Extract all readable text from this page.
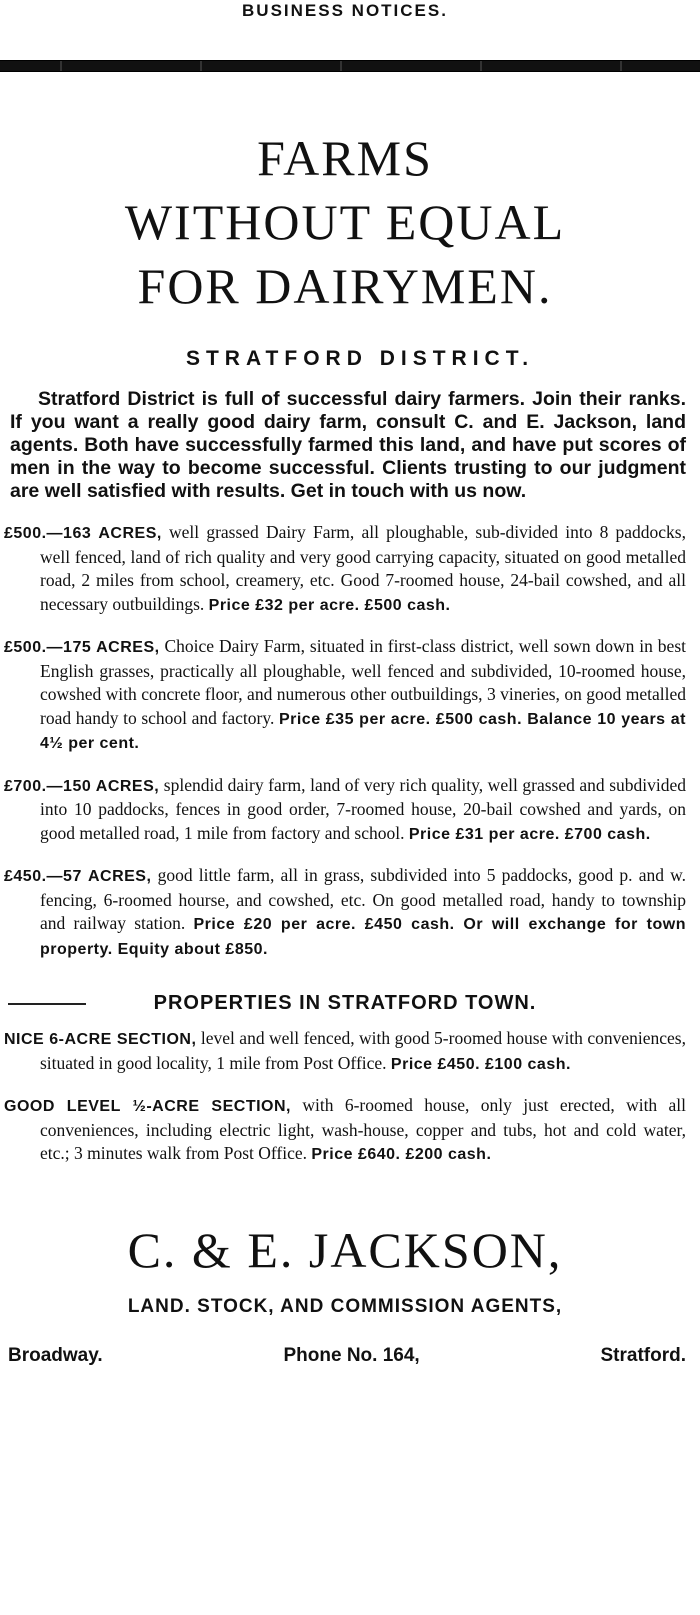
BUSINESS NOTICES.
FARMS
WITHOUT EQUAL
FOR DAIRYMEN.
STRATFORD DISTRICT.
Stratford District is full of successful dairy farmers. Join their ranks. If you want a really good dairy farm, consult C. and E. Jackson, land agents. Both have successfully farmed this land, and have put scores of men in the way to become successful. Clients trusting to our judgment are well satisfied with results. Get in touch with us now.
£500.—163 ACRES, well grassed Dairy Farm, all ploughable, sub-divided into 8 paddocks, well fenced, land of rich quality and very good carrying capacity, situated on good metalled road, 2 miles from school, creamery, etc. Good 7-roomed house, 24-bail cowshed, and all necessary outbuildings. Price £32 per acre. £500 cash.
£500.—175 ACRES, Choice Dairy Farm, situated in first-class district, well sown down in best English grasses, practically all ploughable, well fenced and subdivided, 10-roomed house, cowshed with concrete floor, and numerous other outbuildings, 3 vineries, on good metalled road handy to school and factory. Price £35 per acre. £500 cash. Balance 10 years at 4½ per cent.
£700.—150 ACRES, splendid dairy farm, land of very rich quality, well grassed and subdivided into 10 paddocks, fences in good order, 7-roomed house, 20-bail cowshed and yards, on good metalled road, 1 mile from factory and school. Price £31 per acre. £700 cash.
£450.—57 ACRES, good little farm, all in grass, subdivided into 5 paddocks, good p. and w. fencing, 6-roomed hourse, and cowshed, etc. On good metalled road, handy to township and railway station. Price £20 per acre. £450 cash. Or will exchange for town property. Equity about £850.
PROPERTIES IN STRATFORD TOWN.
NICE 6-ACRE SECTION, level and well fenced, with good 5-roomed house with conveniences, situated in good locality, 1 mile from Post Office. Price £450. £100 cash.
GOOD LEVEL ½-ACRE SECTION, with 6-roomed house, only just erected, with all conveniences, including electric light, wash-house, copper and tubs, hot and cold water, etc.; 3 minutes walk from Post Office. Price £640. £200 cash.
C. & E. JACKSON,
LAND. STOCK, AND COMMISSION AGENTS,
Broadway.	Phone No. 164,	Stratford.
